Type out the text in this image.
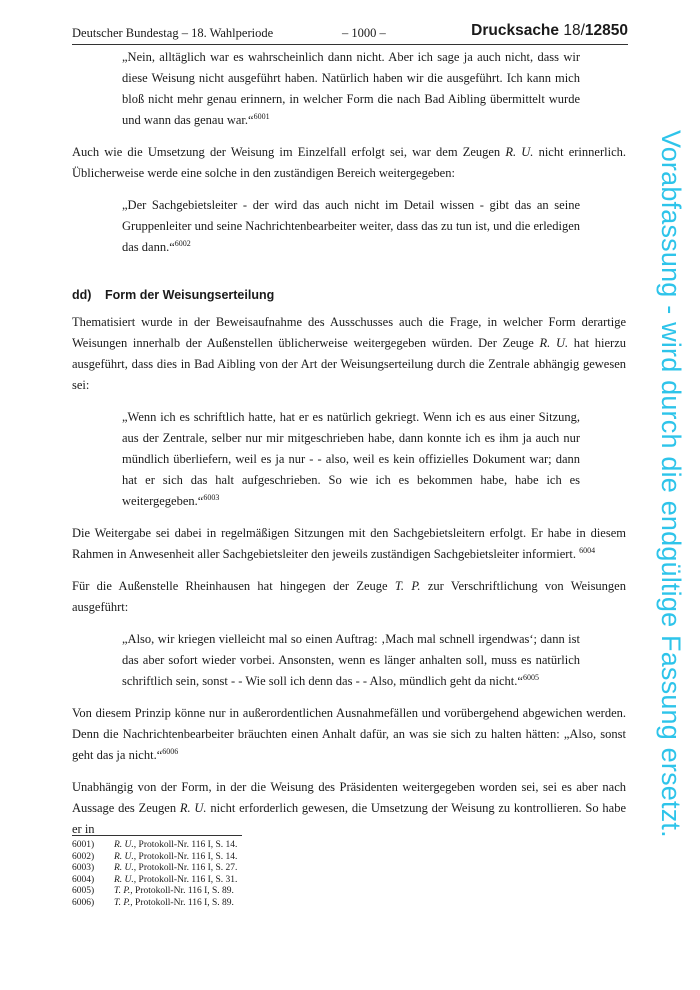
Deutscher Bundestag – 18. Wahlperiode	– 1000 –	Drucksache 18/12850
Vorabfassung - wird durch die endgültige Fassung ersetzt.

„Nein, alltäglich war es wahrscheinlich dann nicht. Aber ich sage ja auch nicht, dass wir diese Weisung nicht ausgeführt haben. Natürlich haben wir die ausgeführt. Ich kann mich bloß nicht mehr genau erinnern, in welcher Form die nach Bad Aibling übermittelt wurde und wann das genau war.“$^{6001}$

Auch wie die Umsetzung der Weisung im Einzelfall erfolgt sei, war dem Zeugen R. U. nicht erinnerlich. Üblicherweise werde eine solche in den zuständigen Bereich weitergegeben:

„Der Sachgebietsleiter - der wird das auch nicht im Detail wissen - gibt das an seine Gruppenleiter und seine Nachrichtenbearbeiter weiter, dass das zu tun ist, und die erledigen das dann.“$^{6002}$

dd) Form der Weisungserteilung

Thematisiert wurde in der Beweisaufnahme des Ausschusses auch die Frage, in welcher Form derartige Weisungen innerhalb der Außenstellen üblicherweise weitergegeben würden. Der Zeuge R. U. hat hierzu ausgeführt, dass dies in Bad Aibling von der Art der Weisungserteilung durch die Zentrale abhängig gewesen sei:

„Wenn ich es schriftlich hatte, hat er es natürlich gekriegt. Wenn ich es aus einer Sitzung, aus der Zentrale, selber nur mir mitgeschrieben habe, dann konnte ich es ihm ja auch nur mündlich überliefern, weil es ja nur - - also, weil es kein offizielles Dokument war; dann hat er sich das halt aufgeschrieben. So wie ich es bekommen habe, habe ich es weitergegeben.“$^{6003}$

Die Weitergabe sei dabei in regelmäßigen Sitzungen mit den Sachgebietsleitern erfolgt. Er habe in diesem Rahmen in Anwesenheit aller Sachgebietsleiter den jeweils zuständigen Sachgebietsleiter informiert. $^{6004}$

Für die Außenstelle Rheinhausen hat hingegen der Zeuge T. P. zur Verschriftlichung von Weisungen ausgeführt:

„Also, wir kriegen vielleicht mal so einen Auftrag: ‚Mach mal schnell irgendwas‘; dann ist das aber sofort wieder vorbei. Ansonsten, wenn es länger anhalten soll, muss es natürlich schriftlich sein, sonst - - Wie soll ich denn das - - Also, mündlich geht da nicht.“$^{6005}$

Von diesem Prinzip könne nur in außerordentlichen Ausnahmefällen und vorübergehend abgewichen werden. Denn die Nachrichtenbearbeiter bräuchten einen Anhalt dafür, an was sie sich zu halten hätten: „Also, sonst geht das ja nicht.“$^{6006}$

Unabhängig von der Form, in der die Weisung des Präsidenten weitergegeben worden sei, sei es aber nach Aussage des Zeugen R. U. nicht erforderlich gewesen, die Umsetzung der Weisung zu kontrollieren. So habe er in

6001)	R. U., Protokoll-Nr. 116 I, S. 14.
6002)	R. U., Protokoll-Nr. 116 I, S. 14.
6003)	R. U., Protokoll-Nr. 116 I, S. 27.
6004)	R. U., Protokoll-Nr. 116 I, S. 31.
6005)	T. P., Protokoll-Nr. 116 I, S. 89.
6006)	T. P., Protokoll-Nr. 116 I, S. 89.
